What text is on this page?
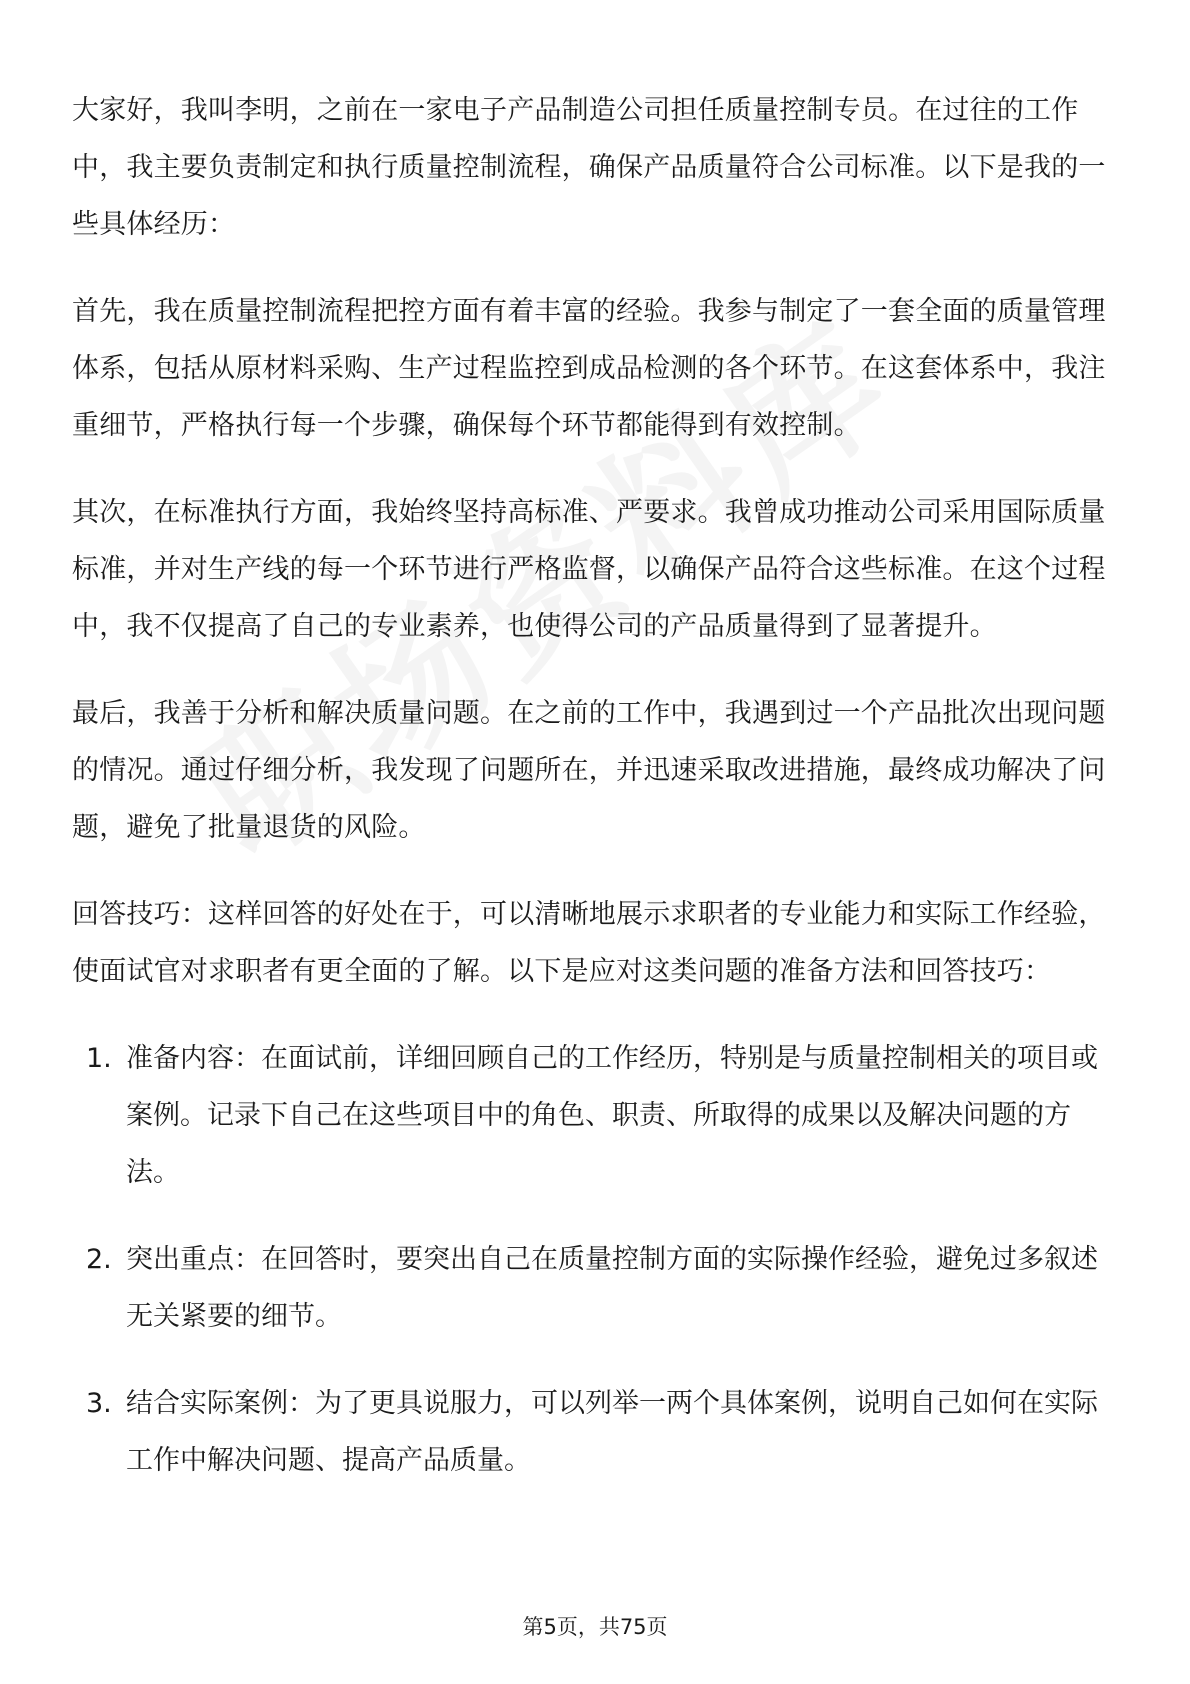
大家好，我叫李明，之前在一家电子产品制造公司担任质量控制专员。在过往的工作中，我主要负责制定和执行质量控制流程，确保产品质量符合公司标准。以下是我的一些具体经历：

首先，我在质量控制流程把控方面有着丰富的经验。我参与制定了一套全面的质量管理体系，包括从原材料采购、生产过程监控到成品检测的各个环节。在这套体系中，我注重细节，严格执行每一个步骤，确保每个环节都能得到有效控制。

其次，在标准执行方面，我始终坚持高标准、严要求。我曾成功推动公司采用国际质量标准，并对生产线的每一个环节进行严格监督，以确保产品符合这些标准。在这个过程中，我不仅提高了自己的专业素养，也使得公司的产品质量得到了显著提升。

最后，我善于分析和解决质量问题。在之前的工作中，我遇到过一个产品批次出现问题的情况。通过仔细分析，我发现了问题所在，并迅速采取改进措施，最终成功解决了问题，避免了批量退货的风险。

回答技巧：这样回答的好处在于，可以清晰地展示求职者的专业能力和实际工作经验，使面试官对求职者有更全面的了解。以下是应对这类问题的准备方法和回答技巧：

1. 准备内容：在面试前，详细回顾自己的工作经历，特别是与质量控制相关的项目或案例。记录下自己在这些项目中的角色、职责、所取得的成果以及解决问题的方法。
2. 突出重点：在回答时，要突出自己在质量控制方面的实际操作经验，避免过多叙述无关紧要的细节。
3. 结合实际案例：为了更具说服力，可以列举一两个具体案例，说明自己如何在实际工作中解决问题、提高产品质量。
第5页，共75页
